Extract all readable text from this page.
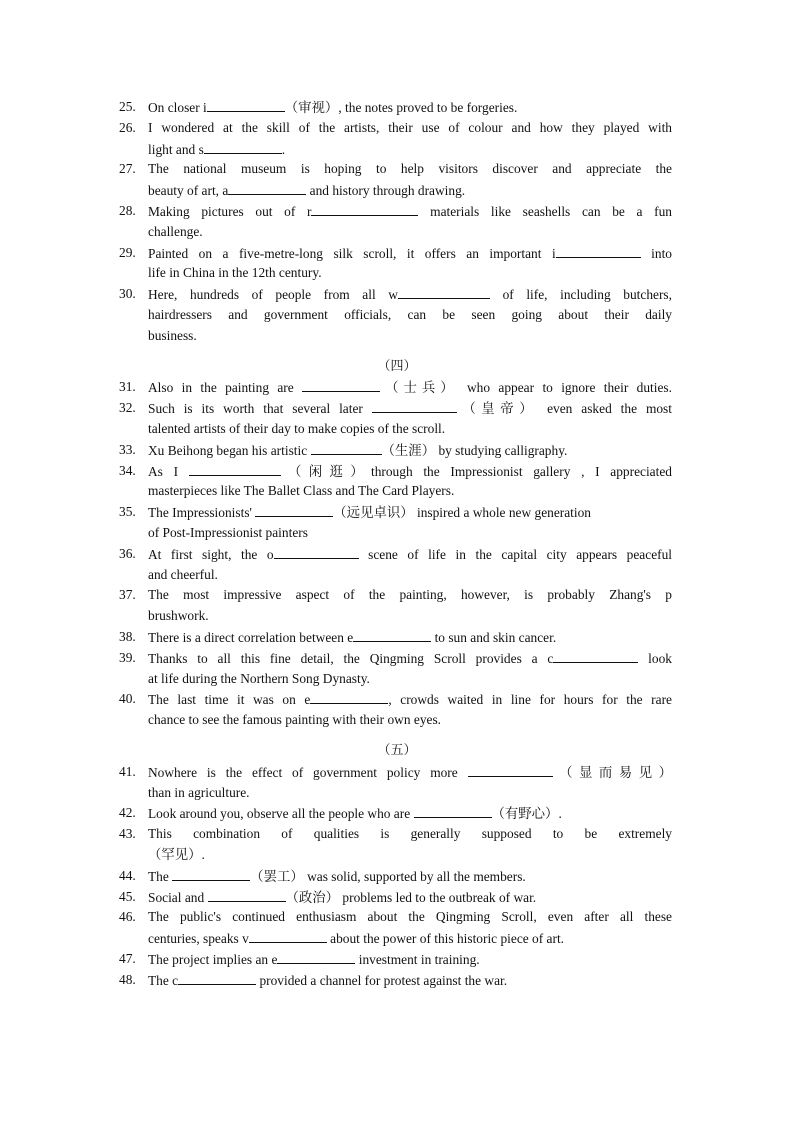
25. On closer i	（审视）, the notes proved to be forgeries.
26. I wondered at the skill of the artists, their use of colour and how they played with
light and s	.
27. The national museum is hoping to help visitors discover and appreciate the
beauty of art, a	and history through drawing.
28. Making pictures out of r	materials like seashells can be a fun
challenge.
29. Painted on a five-metre-long silk scroll, it offers an important i	into
life in China in the 12th century.
30. Here, hundreds of people from all w	of life, including butchers,
hairdressers and government officials, can be seen going about their daily
business.
（四）
31. Also in the painting are	（士兵） who appear to ignore their duties.
32. Such is its worth that several later	（皇帝） even asked the most
talented artists of their day to make copies of the scroll.
33. Xu Beihong began his artistic	（生涯） by studying calligraphy.
34. As I	（闲逛）through the Impressionist gallery , I appreciated
masterpieces like The Ballet Class and The Card Players.
35. The Impressionists'	（远见卓识） inspired a whole new generation
of Post-Impressionist painters
36. At first sight, the o	scene of life in the capital city appears peaceful
and cheerful.
37. The most impressive aspect of the painting, however, is probably Zhang's p
brushwork.
38. There is a direct correlation between e	to sun and skin cancer.
39. Thanks to all this fine detail, the Qingming Scroll provides a c	look
at life during the Northern Song Dynasty.
40. The last time it was on e	, crowds waited in line for hours for the rare
chance to see the famous painting with their own eyes.
（五）
41. Nowhere is the effect of government policy more	（显而易见）
than in agriculture.
42. Look around you, observe all the people who are	（有野心）.
43. This combination of qualities is generally supposed to be extremely
（罕见）.
44. The	（罢工） was solid, supported by all the members.
45. Social and	（政治） problems led to the outbreak of war.
46. The public's continued enthusiasm about the Qingming Scroll, even after all these
centuries, speaks v	about the power of this historic piece of art.
47. The project implies an e	investment in training.
48. The c	provided a channel for protest against the war.
